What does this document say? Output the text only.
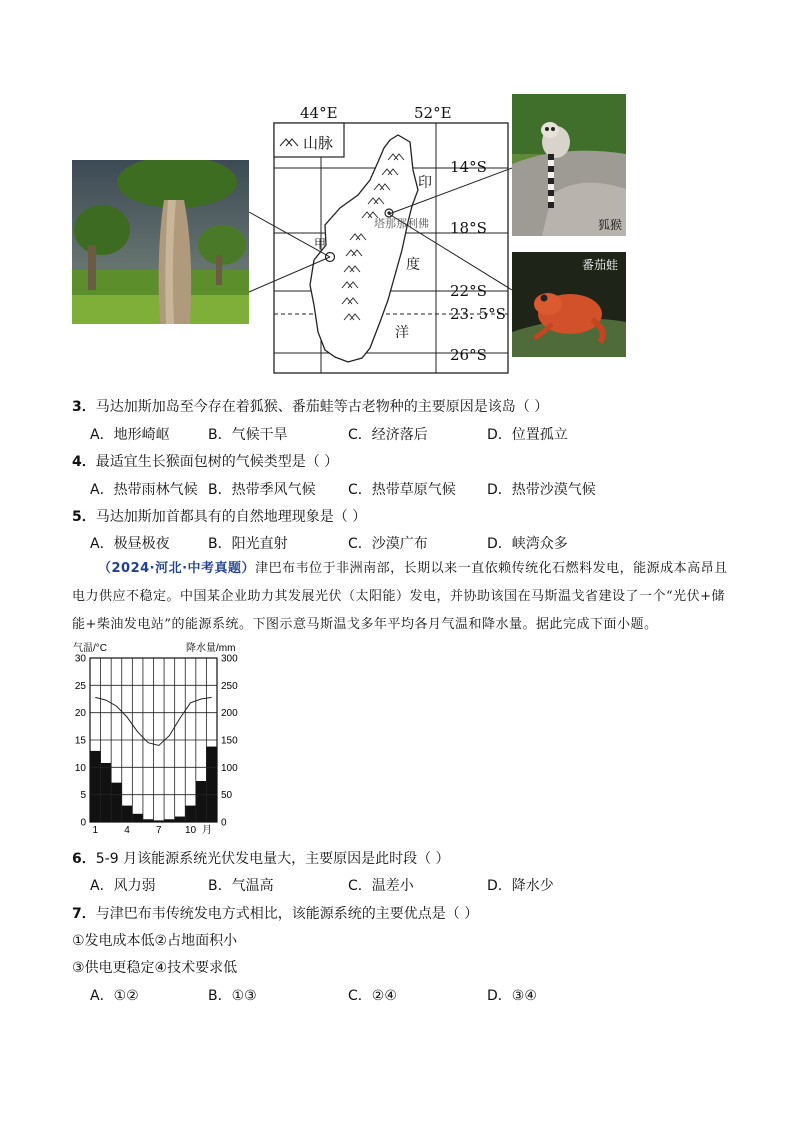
44°E	52°E
14°S
18°S
22°S
23. 5°S
26°S
山脉
印
度
洋
塔那那利佛
甲
狐猴
番茄蛙
3．马达加斯加岛至今存在着狐猴、番茄蛙等古老物种的主要原因是该岛（ ）
A．地形崎岖	B．气候干旱	C．经济落后	D．位置孤立
4．最适宜生长猴面包树的气候类型是（ ）
A．热带雨林气候 B．热带季风气候 C．热带草原气候 D．热带沙漠气候
5．马达加斯加首都具有的自然地理现象是（ ）
A．极昼极夜	B．阳光直射	C．沙漠广布	D．峡湾众多
（2024·河北·中考真题）津巴布韦位于非洲南部，长期以来一直依赖传统化石燃料发电，能源成本高昂且电力供应不稳定。中国某企业助力其发展光伏（太阳能）发电，并协助该国在马斯温戈省建设了一个“光伏+储能+柴油发电站”的能源系统。下图示意马斯温戈多年平均各月气温和降水量。据此完成下面小题。
气温/°C	降水量/mm
月
0
5
10
15
20
25
30
0
50
100
150
200
250
300
1	4	7 10
6．5-9 月该能源系统光伏发电量大，主要原因是此时段（ ）
A．风力弱	B．气温高	C．温差小	D．降水少
7．与津巴布韦传统发电方式相比，该能源系统的主要优点是（ ）
①发电成本低②占地面积小
③供电更稳定④技术要求低
A．①②	B．①③	C．②④	D．③④
